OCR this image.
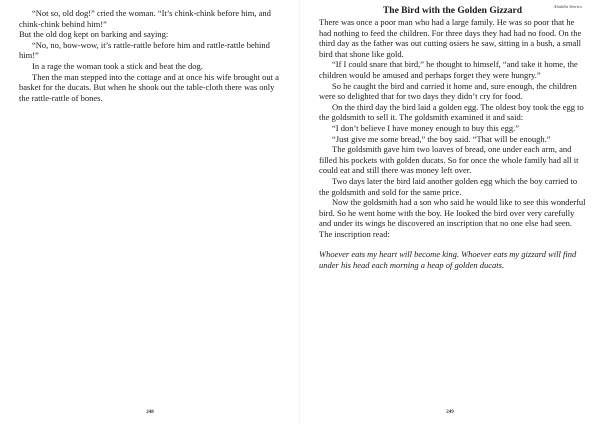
“Not so, old dog!” cried the woman. “It’s chink-chink before him, and chink-chink behind him!”

But the old dog kept on barking and saying:

“No, no, bow-wow, it’s rattle-rattle before him and rattle-rattle behind him!”

In a rage the woman took a stick and beat the dog.

Then the man stepped into the cottage and at once his wife brought out a basket for the ducats. But when he shook out the table-cloth there was only the rattle-rattle of bones.

248
Aladdin Stories

The Bird with the Golden Gizzard

There was once a poor man who had a large family. He was so poor that he had nothing to feed the children. For three days they had had no food. On the third day as the father was out cutting osiers he saw, sitting in a bush, a small bird that shone like gold.

“If I could snare that bird,” he thought to himself, “and take it home, the children would be amused and perhaps forget they were hungry.”

So he caught the bird and carried it home and, sure enough, the children were so delighted that for two days they didn’t cry for food.

On the third day the bird laid a golden egg. The oldest boy took the egg to the goldsmith to sell it. The goldsmith examined it and said:

“I don’t believe I have money enough to buy this egg.”

“Just give me some bread,” the boy said. “That will be enough.”

The goldsmith gave him two loaves of bread, one under each arm, and filled his pockets with golden ducats. So for once the whole family had all it could eat and still there was money left over.

Two days later the bird laid another golden egg which the boy carried to the goldsmith and sold for the same price.

Now the goldsmith had a son who said he would like to see this wonderful bird. So he went home with the boy. He looked the bird over very carefully and under its wings he discovered an inscription that no one else had seen. The inscription read:

Whoever eats my heart will become king. Whoever eats my gizzard will find under his head each morning a heap of golden ducats.

249
